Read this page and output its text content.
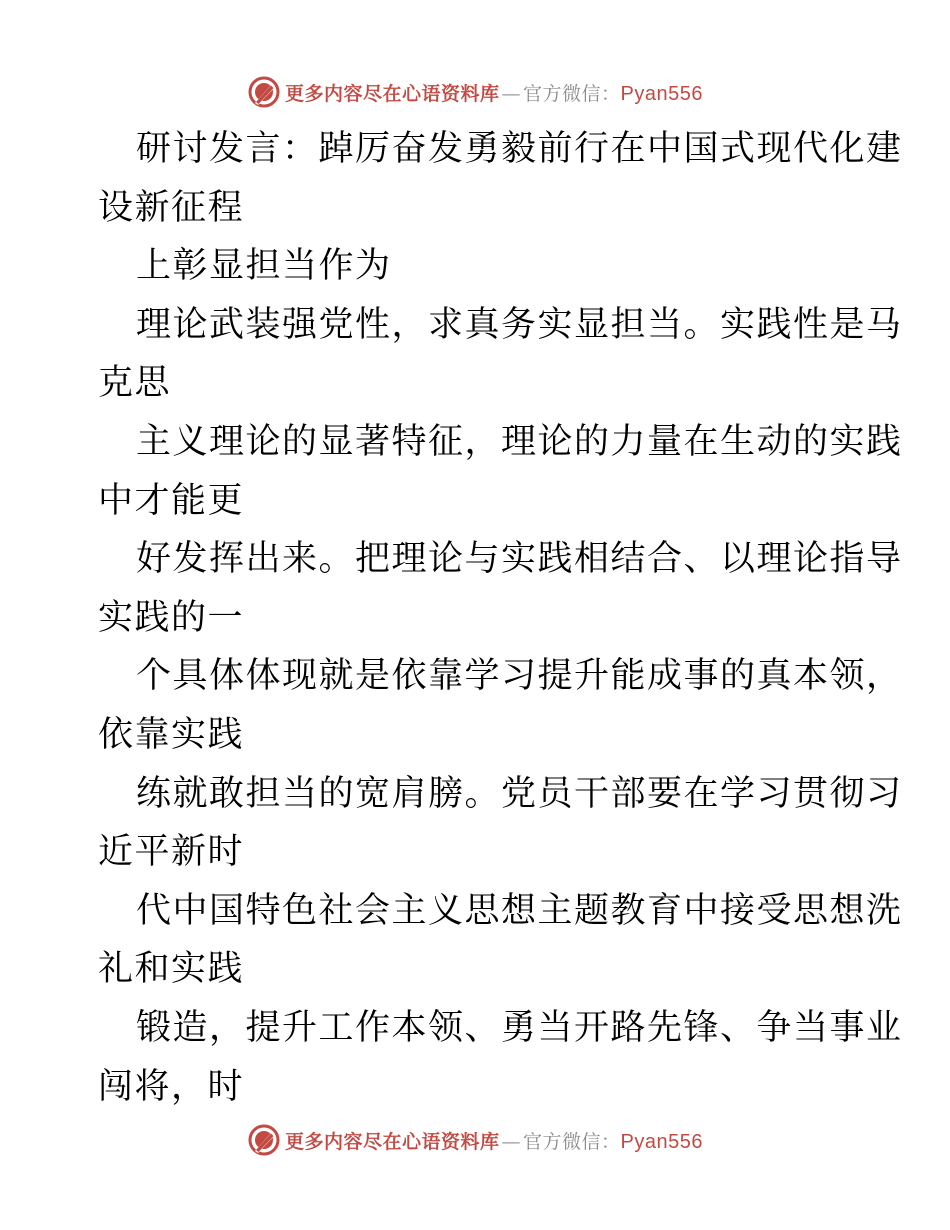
更多内容尽在心语资料库 — 官方微信： Pyan556
研讨发言：踔厉奋发勇毅前行在中国式现代化建
设新征程
上彰显担当作为
理论武装强党性，求真务实显担当。实践性是马
克思
主义理论的显著特征，理论的力量在生动的实践
中才能更
好发挥出来。把理论与实践相结合、以理论指导
实践的一
个具体体现就是依靠学习提升能成事的真本领，
依靠实践
练就敢担当的宽肩膀。党员干部要在学习贯彻习
近平新时
代中国特色社会主义思想主题教育中接受思想洗
礼和实践
锻造，提升工作本领、勇当开路先锋、争当事业
闯将，时
更多内容尽在心语资料库 — 官方微信： Pyan556
